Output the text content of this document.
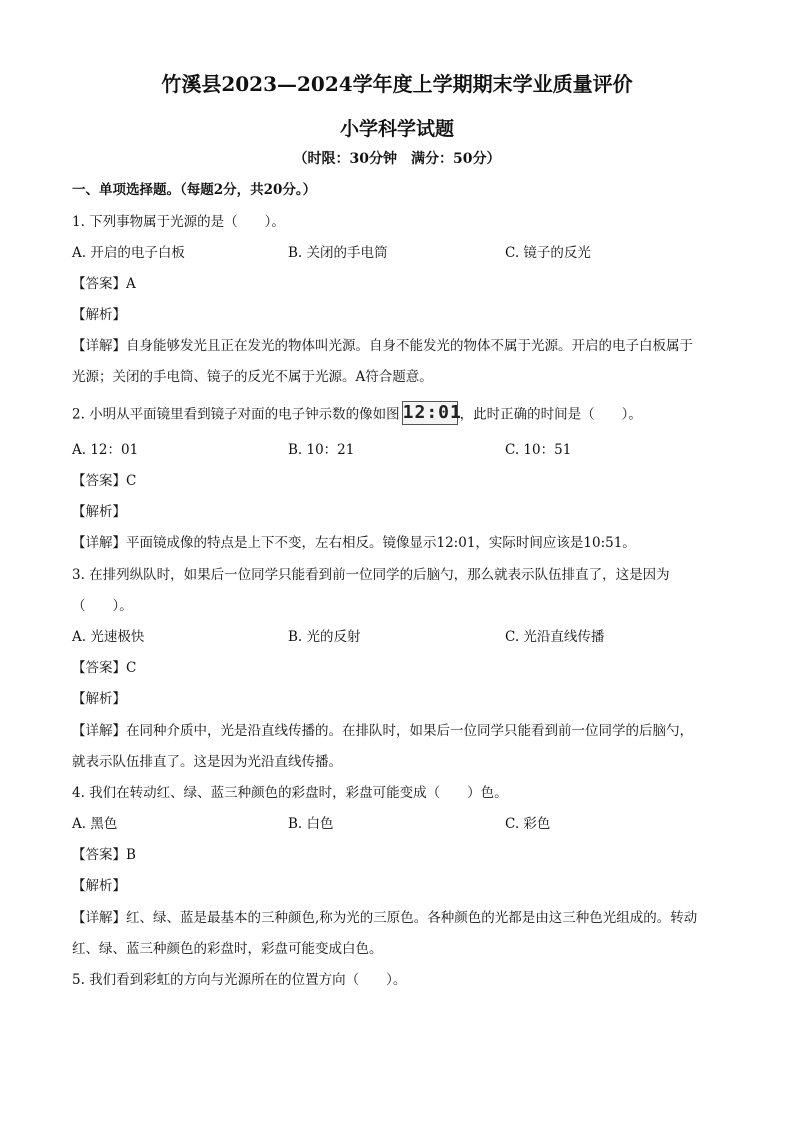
竹溪县2023—2024学年度上学期期末学业质量评价
小学科学试题
（时限：30分钟　满分：50分）
一、单项选择题。（每题2分，共20分。）
1. 下列事物属于光源的是（　　）。
A. 开启的电子白板	B. 关闭的手电筒	C. 镜子的反光
【答案】A
【解析】
【详解】自身能够发光且正在发光的物体叫光源。自身不能发光的物体不属于光源。开启的电子白板属于
光源；关闭的手电筒、镜子的反光不属于光源。A符合题意。
2. 小明从平面镜里看到镜子对面的电子钟示数的像如图 12:01，此时正确的时间是（　　）。
A. 12：01	B. 10：21	C. 10：51
【答案】C
【解析】
【详解】平面镜成像的特点是上下不变，左右相反。镜像显示12:01，实际时间应该是10:51。
3. 在排列纵队时，如果后一位同学只能看到前一位同学的后脑勺，那么就表示队伍排直了，这是因为
（　　）。
A. 光速极快	B. 光的反射	C. 光沿直线传播
【答案】C
【解析】
【详解】在同种介质中，光是沿直线传播的。在排队时，如果后一位同学只能看到前一位同学的后脑勺，
就表示队伍排直了。这是因为光沿直线传播。
4. 我们在转动红、绿、蓝三种颜色的彩盘时，彩盘可能变成（　　）色。
A. 黑色	B. 白色	C. 彩色
【答案】B
【解析】
【详解】红、绿、蓝是最基本的三种颜色,称为光的三原色。各种颜色的光都是由这三种色光组成的。转动
红、绿、蓝三种颜色的彩盘时，彩盘可能变成白色。
5. 我们看到彩虹的方向与光源所在的位置方向（　　）。
